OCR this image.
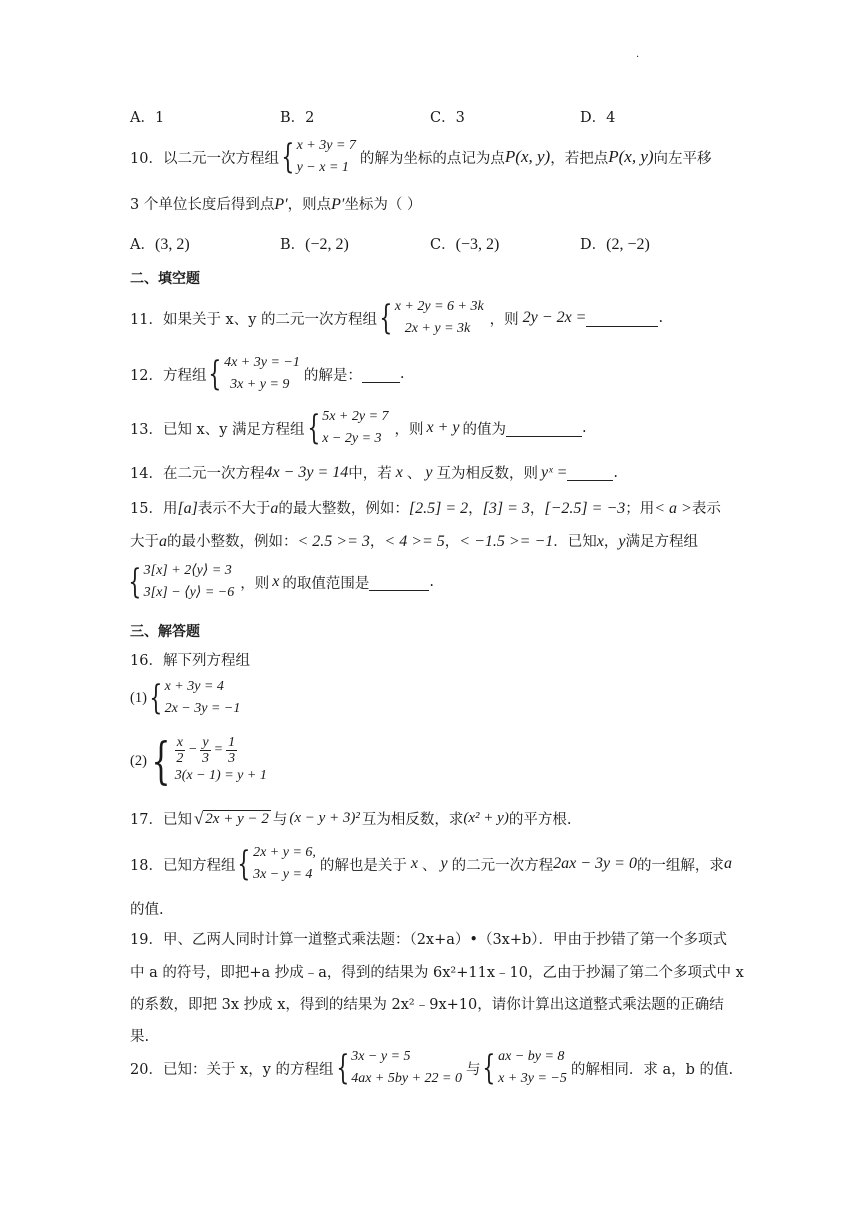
·
A．1	B．2	C．3	D．4
10． 以二元一次方程组 { x + 3y = 7
y − x = 1
的解为坐标的点记为点 P(x, y) ，若把点 P(x, y) 向左平移
3 个单位长度后得到点P′，则点P′坐标为（ ）
A．(3, 2)	B．(−2, 2)	C．(−3, 2)	D．(2, −2)
二、填空题
11． 如果关于 x、y 的二元一次方程组 { x + 2y = 6 + 3k
2x + y = 3k
，则 2y − 2x =	.
12． 方程组 { 4x + 3y = −1
3x + y = 9
的解是：	.
13． 已知 x、y 满足方程组 { 5x + 2y = 7
x − 2y = 3
，则 x + y 的值为	.
14． 在二元一次方程 4x − 3y = 14 中，若 x 、 y 互为相反数，则 yˣ =	.
15．用[a]表示不大于a的最大整数，例如：[2.5] = 2，[3] = 3，[−2.5] = −3；用< a >表示
大于a的最小整数，例如：< 2.5 >= 3，< 4 >= 5，< −1.5 >= −1．已知x，y满足方程组
{ 3[x] + 2⟨y⟩ = 3
3[x] − ⟨y⟩ = −6
，则 x 的取值范围是	.
三、解答题
16．解下列方程组
(1) { x + 3y = 4
2x − 3y = −1
(2) { $\frac{x}{2} - \frac{y}{3} = \frac{1}{3}$
3(x − 1) = y + 1
17． 已知 √ 2x + y − 2 与 (x − y + 3)² 互为相反数，求 (x² + y) 的平方根.
18． 已知方程组 { 2x + y = 6,
3x − y = 4
的解也是关于 x 、 y 的二元一次方程 2ax − 3y = 0 的一组解，求 a
的值.
19．甲、乙两人同时计算一道整式乘法题：（2x+a）•（3x+b）．甲由于抄错了第一个多项式
中 a 的符号，即把+a 抄成﹣a，得到的结果为 6x²+11x﹣10，乙由于抄漏了第二个多项式中 x
的系数，即把 3x 抄成 x，得到的结果为 2x²﹣9x+10，请你计算出这道整式乘法题的正确结
果.
20． 已知：关于 x，y 的方程组 { 3x − y = 5
4ax + 5by + 22 = 0
与 { ax − by = 8
x + 3y = −5
的解相同．求 a，b 的值.
